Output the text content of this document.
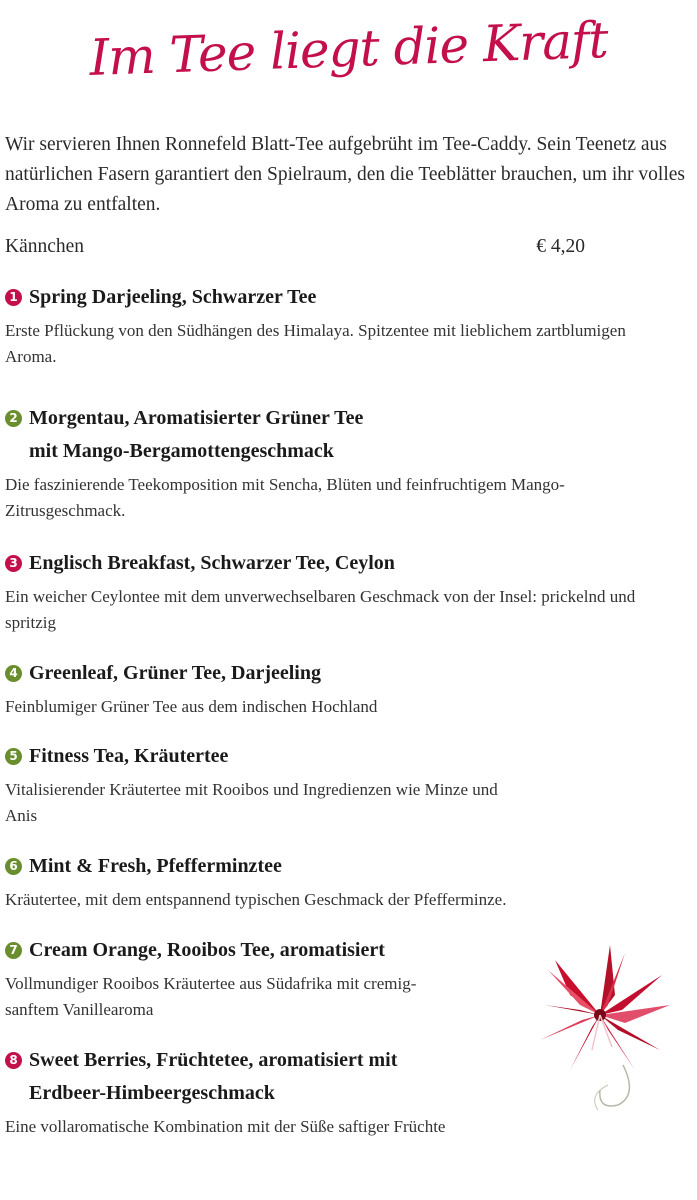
Im Tee liegt die Kraft
Wir servieren Ihnen Ronnefeld Blatt-Tee aufgebrüht im Tee-Caddy. Sein Teenetz aus natürlichen Fasern garantiert den Spielraum, den die Teeblätter brauchen, um ihr volles Aroma zu entfalten.
Kännchen	€ 4,20
1 Spring Darjeeling, Schwarzer Tee

Erste Pflückung von den Südhängen des Himalaya. Spitzentee mit lieblichem zartblumigen Aroma.

2 Morgentau, Aromatisierter Grüner Tee
mit Mango-Bergamottengeschmack

Die faszinierende Teekomposition mit Sencha, Blüten und feinfruchtigem Mango-Zitrusgeschmack.

3 Englisch Breakfast, Schwarzer Tee, Ceylon

Ein weicher Ceylontee mit dem unverwechselbaren Geschmack von der Insel: prickelnd und spritzig

4 Greenleaf, Grüner Tee, Darjeeling

Feinblumiger Grüner Tee aus dem indischen Hochland

5 Fitness Tea, Kräutertee

Vitalisierender Kräutertee mit Rooibos und Ingredienzen wie Minze und Anis

6 Mint & Fresh, Pfefferminztee

Kräutertee, mit dem entspannend typischen Geschmack der Pfefferminze.

7 Cream Orange, Rooibos Tee, aromatisiert

Vollmundiger Rooibos Kräutertee aus Südafrika mit cremig-sanftem Vanillearoma

8 Sweet Berries, Früchtetee, aromatisiert mit
Erdbeer-Himbeergeschmack

Eine vollaromatische Kombination mit der Süße saftiger Früchte
